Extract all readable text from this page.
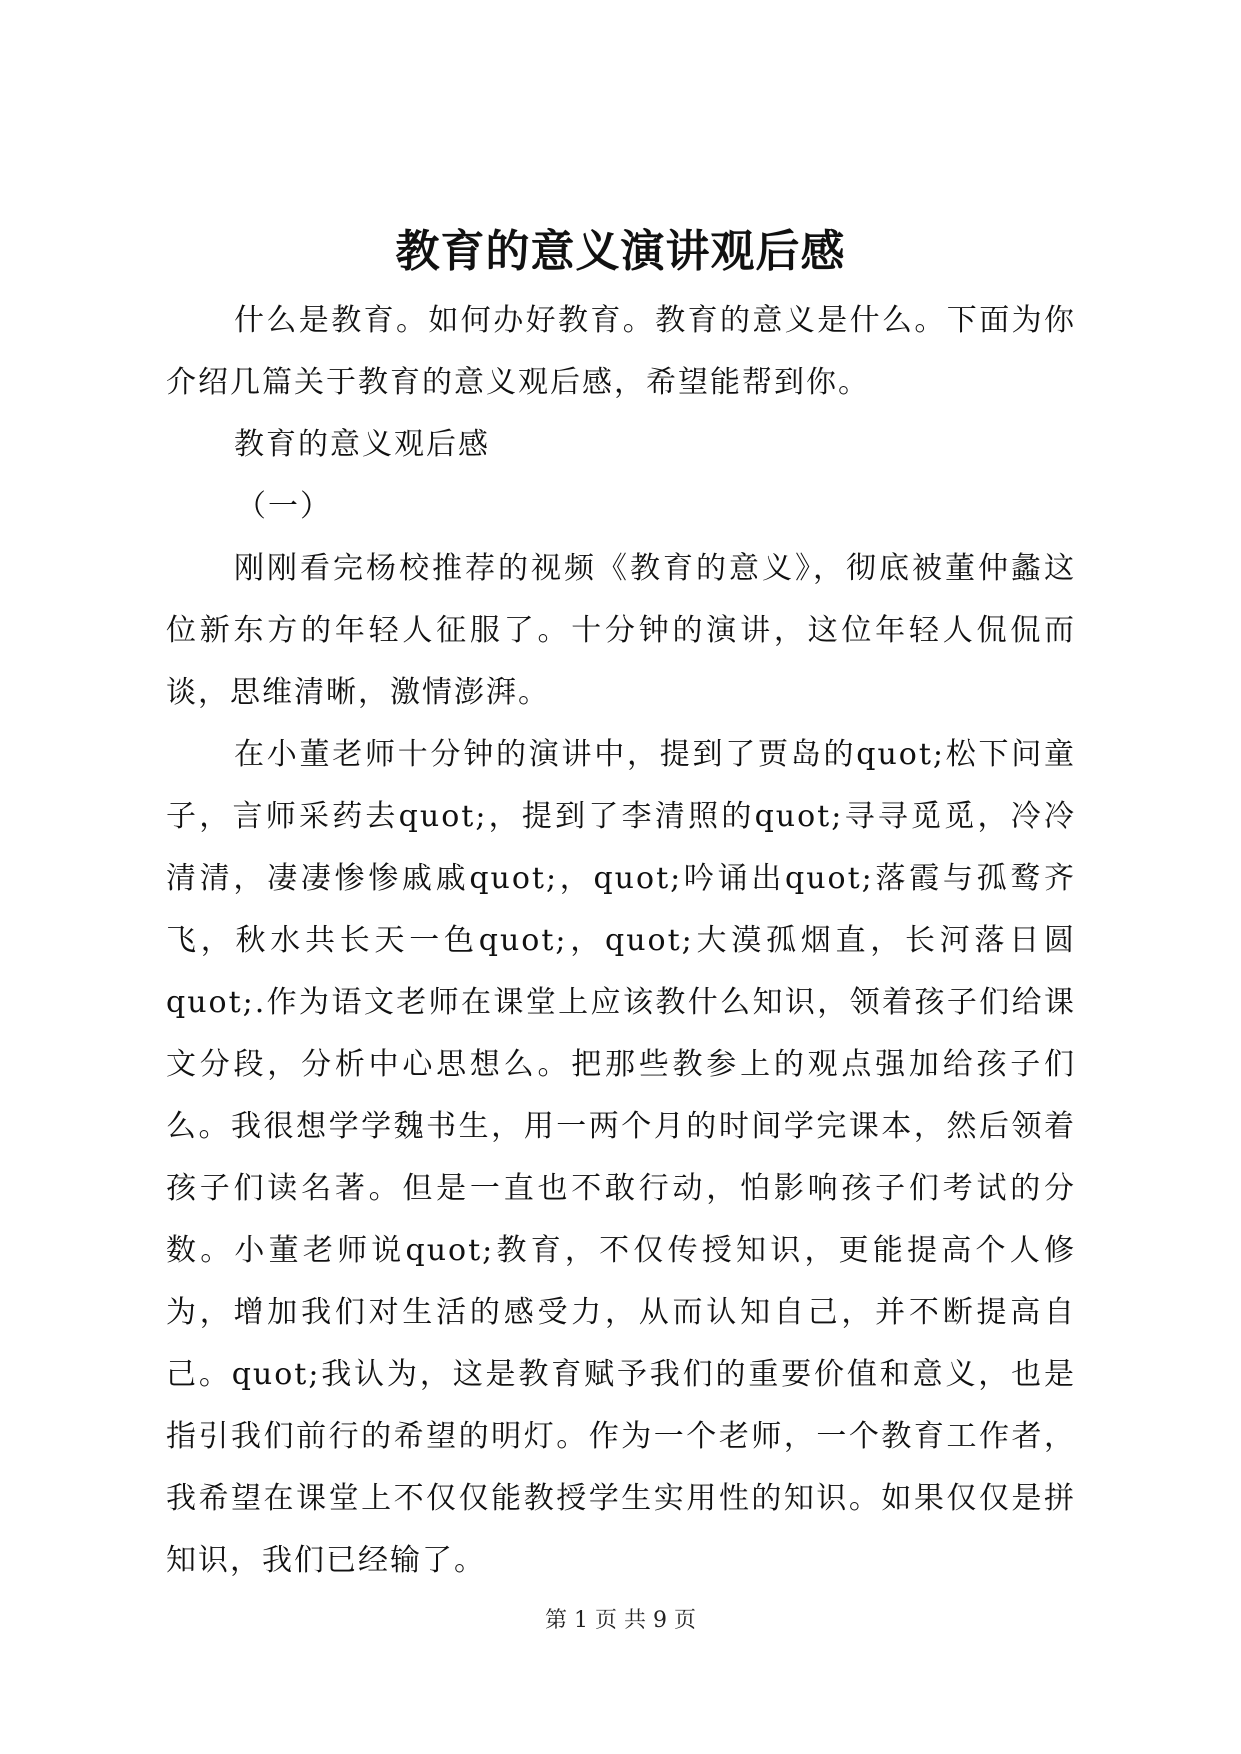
教育的意义演讲观后感

什么是教育。如何办好教育。教育的意义是什么。下面为你介绍几篇关于教育的意义观后感，希望能帮到你。

教育的意义观后感

（一）

刚刚看完杨校推荐的视频《教育的意义》，彻底被董仲蠡这位新东方的年轻人征服了。十分钟的演讲，这位年轻人侃侃而谈，思维清晰，激情澎湃。

在小董老师十分钟的演讲中，提到了贾岛的quot;松下问童子，言师采药去quot;，提到了李清照的quot;寻寻觅觅，冷冷清清，凄凄惨惨戚戚quot;，quot;吟诵出quot;落霞与孤鹜齐飞，秋水共长天一色quot;，quot;大漠孤烟直，长河落日圆quot;.作为语文老师在课堂上应该教什么知识，领着孩子们给课文分段，分析中心思想么。把那些教参上的观点强加给孩子们么。我很想学学魏书生，用一两个月的时间学完课本，然后领着孩子们读名著。但是一直也不敢行动，怕影响孩子们考试的分数。小董老师说quot;教育，不仅传授知识，更能提高个人修为，增加我们对生活的感受力，从而认知自己，并不断提高自己。quot;我认为，这是教育赋予我们的重要价值和意义，也是指引我们前行的希望的明灯。作为一个老师，一个教育工作者，我希望在课堂上不仅仅能教授学生实用性的知识。如果仅仅是拼知识，我们已经输了。

第 1 页 共 9 页
